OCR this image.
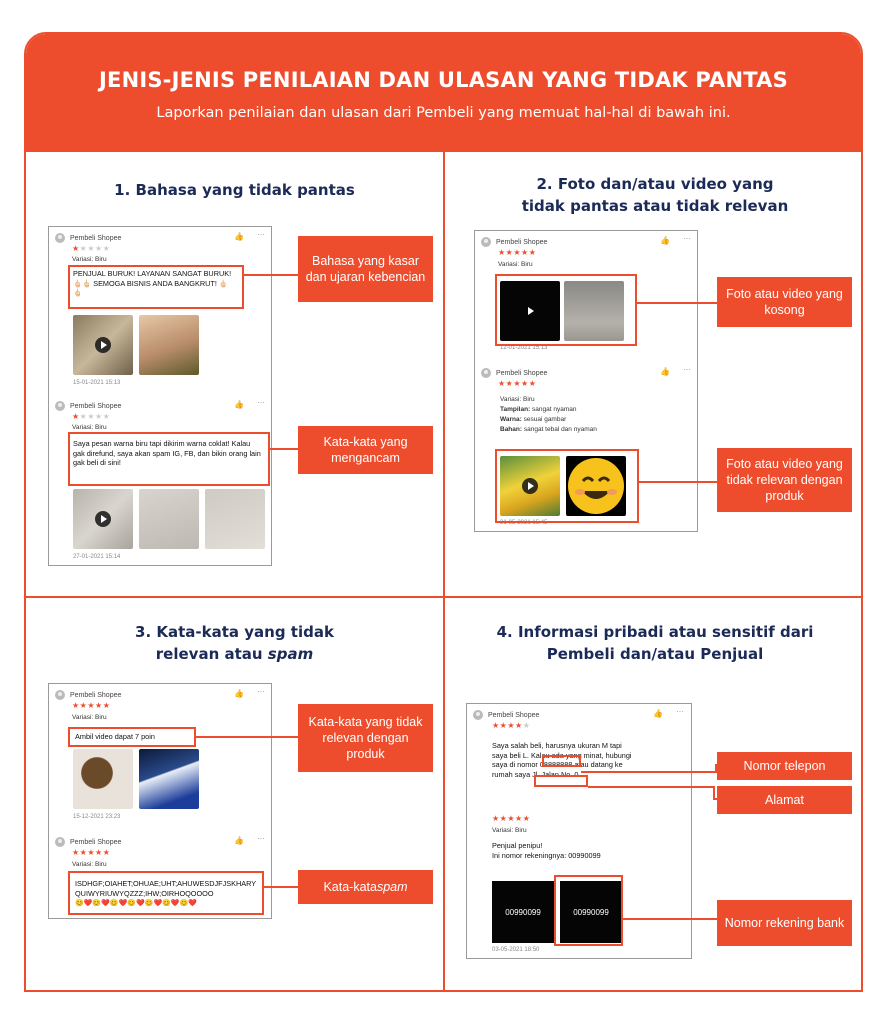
JENIS-JENIS PENILAIAN DAN ULASAN YANG TIDAK PANTAS

Laporkan penilaian dan ulasan dari Pembeli yang memuat hal-hal di bawah ini.

1. Bahasa yang tidak pantas
Pembeli Shopee	👍 ···
★★★★★
Variasi: Biru
PENJUAL BURUK! LAYANAN SANGAT BURUK! 🖕🏻🖕🏻 SEMOGA BISNIS ANDA BANGKRUT! 🖕🏻🖕🏻
15-01-2021 15:13
Pembeli Shopee	👍 ···
★★★★★
Variasi: Biru
Saya pesan warna biru tapi dikirim warna coklat! Kalau gak direfund, saya akan spam IG, FB, dan bikin orang lain gak beli di sini!
27-01-2021 15:14
Bahasa yang kasar dan ujaran kebencian
Kata-kata yang mengancam
2. Foto dan/atau video yang
tidak pantas atau tidak relevan
Pembeli Shopee	👍 ···
★★★★★
Variasi: Biru
12-01-2021 15:13
Pembeli Shopee	👍 ···
★★★★★
Variasi: Biru
Tampilan: sangat nyaman
Warna: sesuai gambar
Bahan: sangat tebal dan nyaman
31-05-2021 15:45
Foto atau video yang kosong
Foto atau video yang tidak relevan dengan produk
3. Kata-kata yang tidak
relevan atau spam
Pembeli Shopee	👍 ···
★★★★★
Variasi: Biru
Ambil video dapat 7 poin
15-12-2021 23:23
Pembeli Shopee	👍 ···
★★★★★
Variasi: Biru
ISDHGF;OIAHET;OHUAE;UHT;AHUWESDJFJSKHARYQUIWYRIUWYQZZZ;IHW;OIRHOQOOOO
😊❤️😊❤️😊❤️😊❤️😊❤️😊❤️😊❤️
Kata-kata yang tidak relevan dengan produk
Kata-kata spam
4. Informasi pribadi atau sensitif dari
Pembeli dan/atau Penjual
Pembeli Shopee	👍 ···
★★★★★
Saya salah beli, harusnya ukuran M tapi
saya beli L. Kalau ada yang minat, hubungi
saya di nomor 08888888 atau datang ke
rumah saya Jl. Jalan No. 0
★★★★★
Variasi: Biru
Penjual penipu!
Ini nomor rekeningnya: 00990099
00990099	00990099
03-05-2021 18:50
Nomor telepon
Alamat
Nomor rekening bank
